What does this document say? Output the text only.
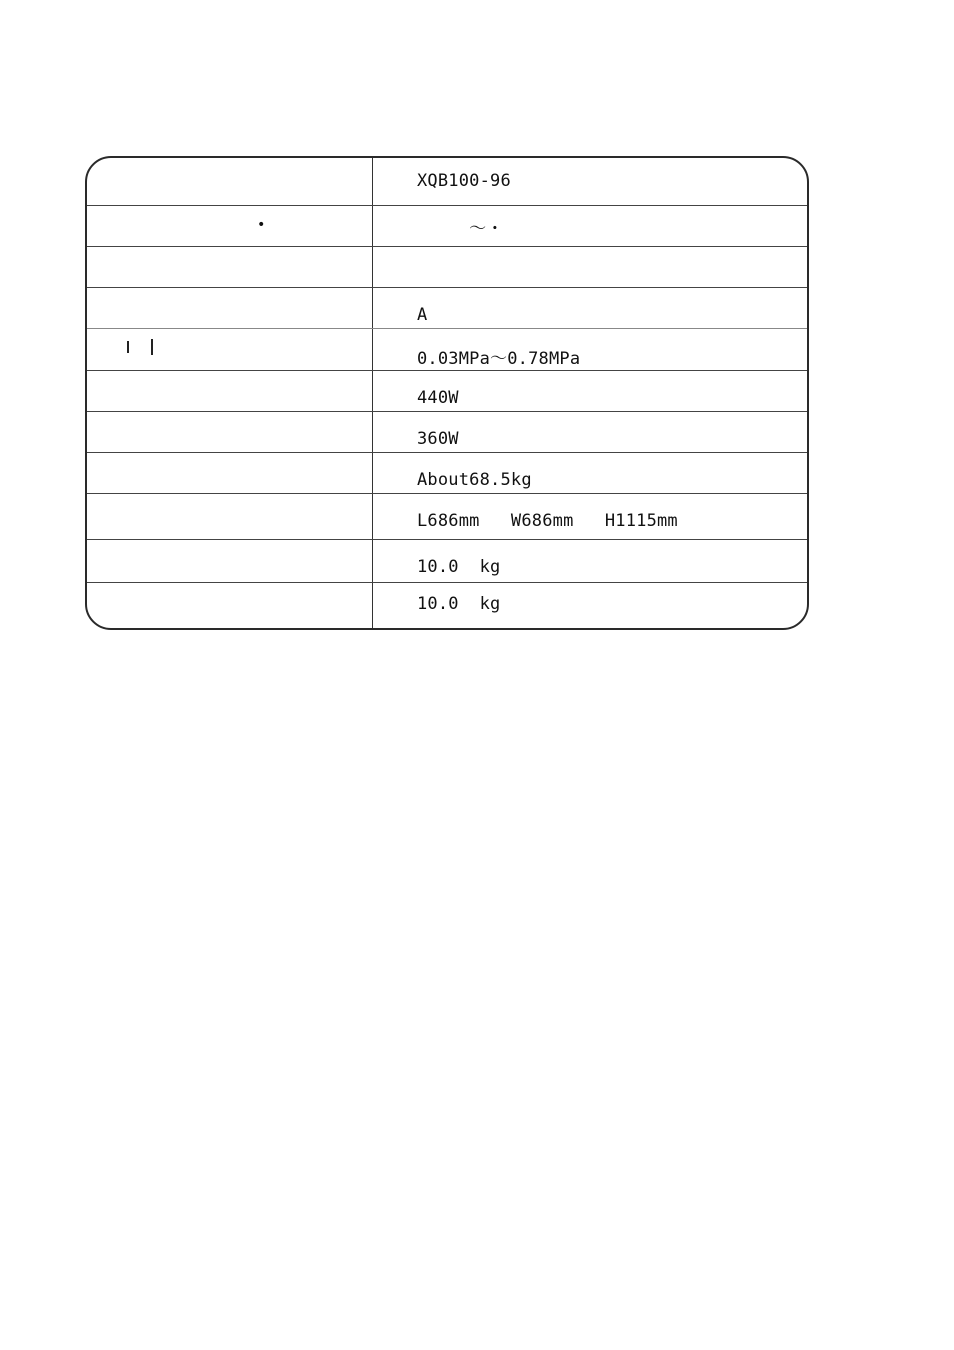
XQB100-96
•	～・
A
0.03MPa～0.78MPa
440W
360W
About68.5kg
L686mm   W686mm   H1115mm
10.0  kg
10.0  kg
